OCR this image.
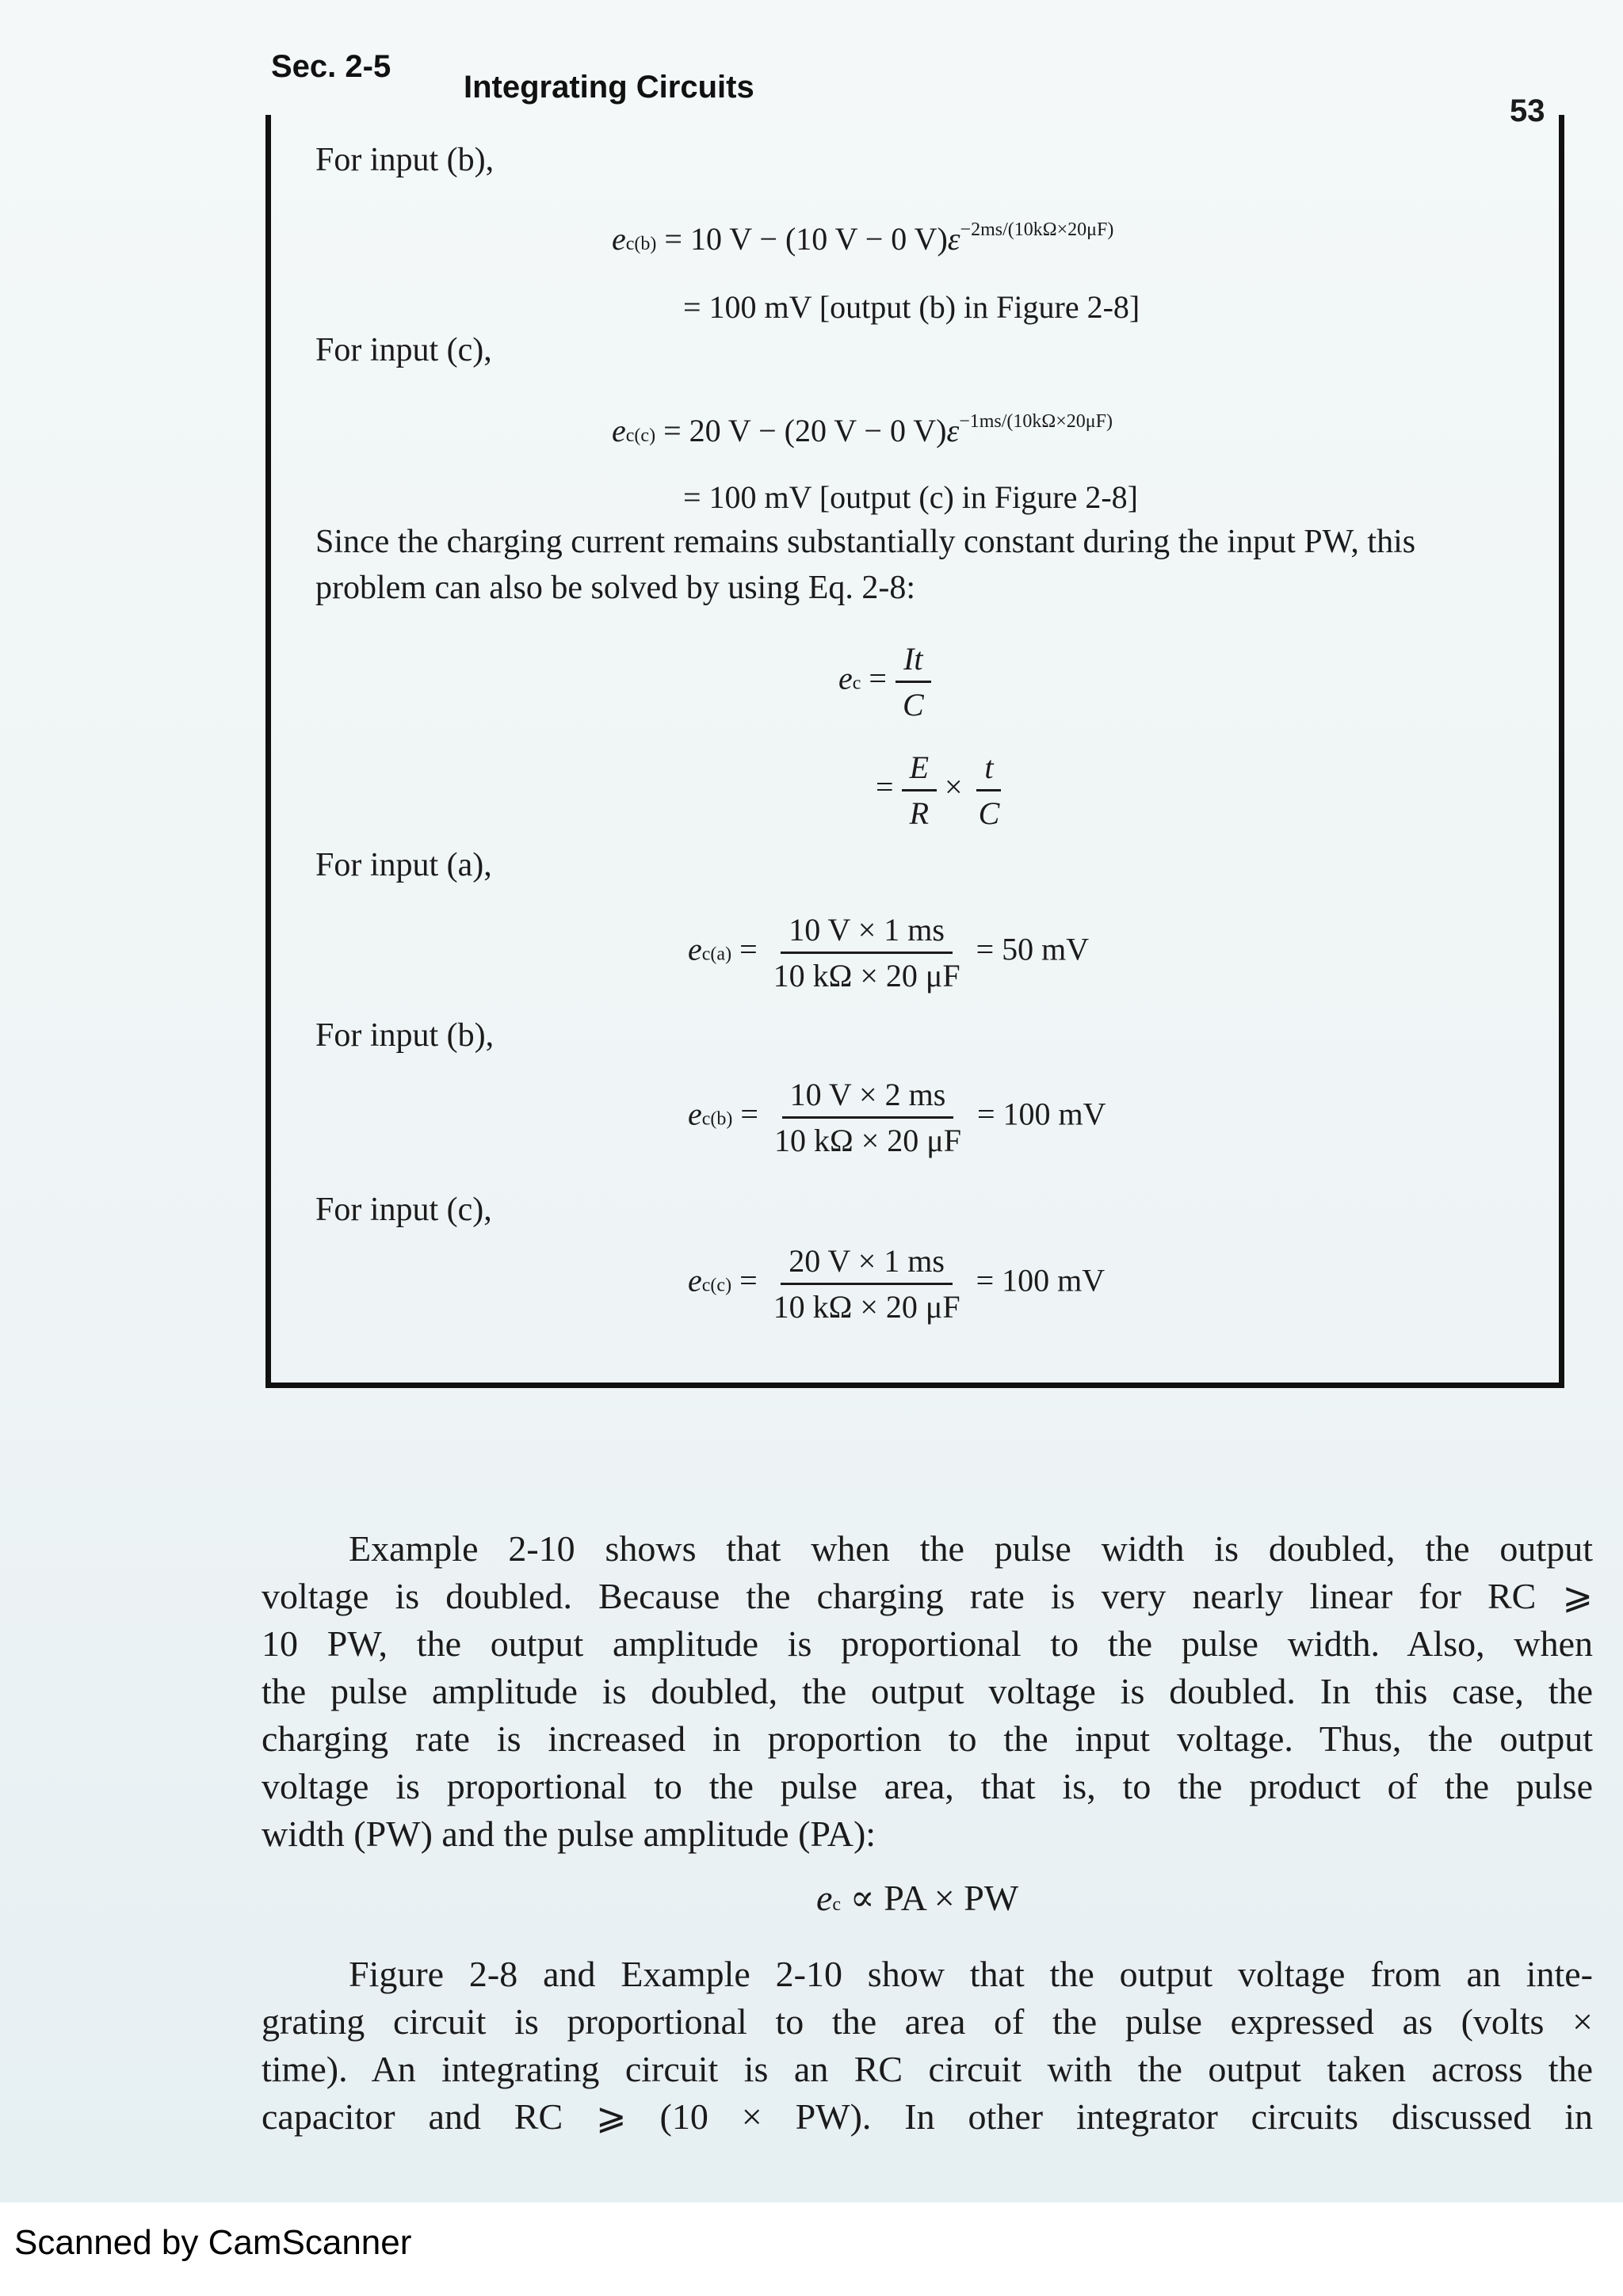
Sec. 2-5
Integrating Circuits
53
For input (b),
ec(b) = 10 V − (10 V − 0 $V)\varepsilon^{-2ms/(10k\Omega\times 20\mu F)}$
= 100 mV [output (b) in Figure 2-8]
For input (c),
ec(c) = 20 V − (20 V − 0 $V)\varepsilon^{-1ms/(10k\Omega\times 20\mu F)}$
= 100 mV [output (c) in Figure 2-8]
Since the charging current remains substantially constant during the input PW, this
problem can also be solved by using Eq. 2-8:
ec = $\frac{It}{C}$
= $\frac{E}{R} \times \frac{t}{C}$
For input (a),
$ec(a) = \frac{10 V \times 1 ms}{10 k\Omega \times 20 \mu F} = 50$ mV
For input (b),
$ec(b) = \frac{10 V \times 2 ms}{10 k\Omega \times 20 \mu F} = 100$ mV
For input (c),
$ec(c) = \frac{20 V \times 1 ms}{10 k\Omega \times 20 \mu F} = 100$ mV
Example 2-10 shows that when the pulse width is doubled, the output
voltage is doubled. Because the charging rate is very nearly linear for RC ⩾
10 PW, the output amplitude is proportional to the pulse width. Also, when
the pulse amplitude is doubled, the output voltage is doubled. In this case, the
charging rate is increased in proportion to the input voltage. Thus, the output
voltage is proportional to the pulse area, that is, to the product of the pulse
width (PW) and the pulse amplitude (PA):
ec ∝ PA × PW
Figure 2-8 and Example 2-10 show that the output voltage from an inte-
grating circuit is proportional to the area of the pulse expressed as (volts ×
time). An integrating circuit is an RC circuit with the output taken across the
capacitor and RC ⩾ (10 × PW). In other integrator circuits discussed in
Scanned by CamScanner
